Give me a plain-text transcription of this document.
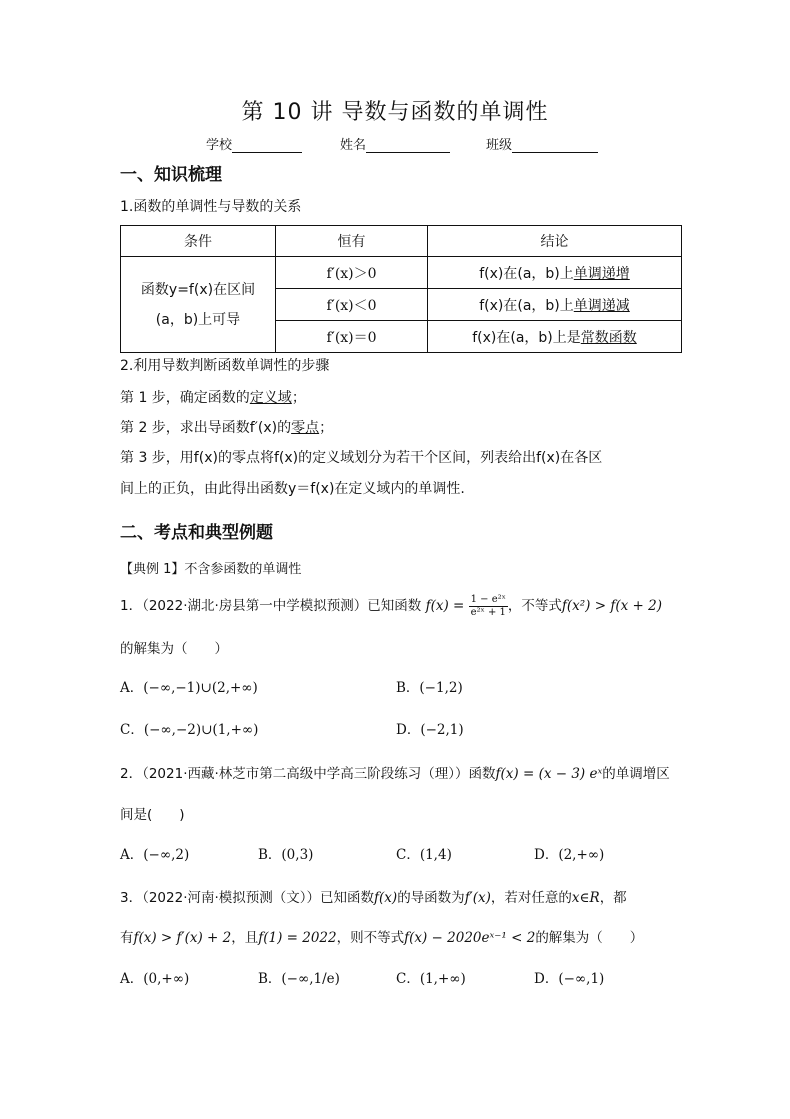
第 10 讲 导数与函数的单调性
学校	姓名	班级
一、知识梳理
1.函数的单调性与导数的关系
条件	恒有	结论

函数y=f(x)在区间
(a，b)上可导	f′(x)＞0	f(x)在(a，b)上单调递增
	f′(x)＜0	f(x)在(a，b)上单调递减
	f′(x)＝0	f(x)在(a，b)上是常数函数
2.利用导数判断函数单调性的步骤
第 1 步，确定函数的定义域；
第 2 步，求出导函数f′(x)的零点；
第 3 步，用f(x)的零点将f(x)的定义域划分为若干个区间，列表给出f(x)在各区
间上的正负，由此得出函数y＝f(x)在定义域内的单调性.
二、考点和典型例题
【典例 1】不含参函数的单调性
1．（2022·湖北·房县第一中学模拟预测）已知函数 $f(x) = \frac{\text{1 − e²ˣ}}{\text{e²ˣ + 1}}$ ，不等式f(x²) > f(x + 2)
的解集为（　　）
A．(−∞,−1)∪(2,+∞)	B．(−1,2)
C．(−∞,−2)∪(1,+∞)	D．(−2,1)
2．（2021·西藏·林芝市第二高级中学高三阶段练习（理））函数f(x) = (x − 3) eˣ的单调增区
间是(　　)
A．(−∞,2)	B．(0,3)	C．(1,4)	D．(2,+∞)
3．（2022·河南·模拟预测（文））已知函数f(x)的导函数为f′(x)，若对任意的x∈R，都
有f(x) > f′(x) + 2，且f(1) = 2022，则不等式f(x) − 2020eˣ⁻¹ < 2的解集为（　　）
A．(0,+∞)	B．(−∞,1/e)	C．(1,+∞)	D．(−∞,1)
